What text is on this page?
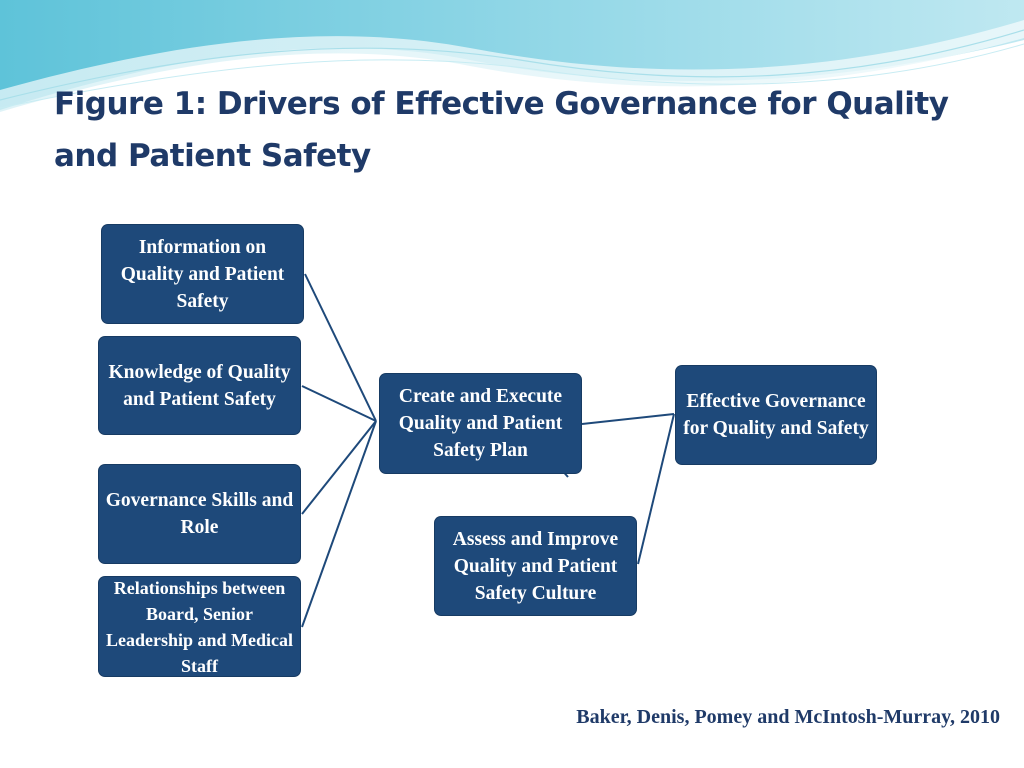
Figure 1: Drivers of Effective Governance for Quality and Patient Safety
Information on Quality and Patient Safety
Knowledge of Quality and Patient Safety
Governance Skills and Role
Relationships between Board, Senior Leadership and Medical Staff
Create and Execute Quality and Patient Safety Plan
Assess and Improve Quality and Patient Safety Culture
Effective Governance for Quality and Safety
Baker, Denis, Pomey and McIntosh-Murray, 2010
